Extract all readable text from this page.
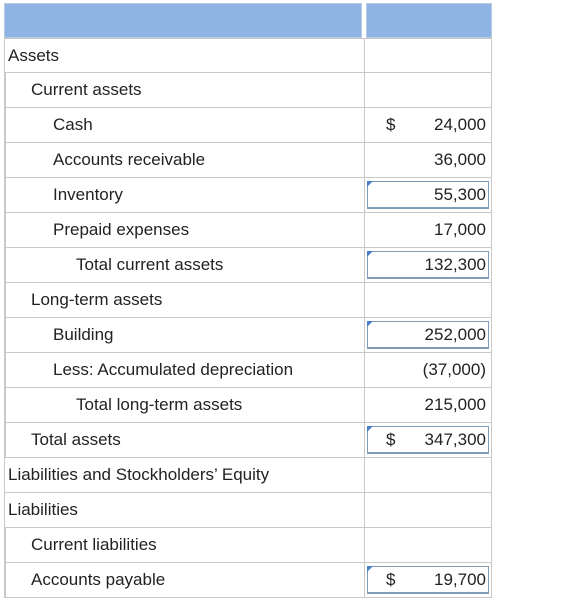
Assets
Current assets
Cash	$ 24,000
Accounts receivable	36,000
Inventory	55,300
Prepaid expenses	17,000
Total current assets	132,300
Long-term assets
Building	252,000
Less: Accumulated depreciation	(37,000)
Total long-term assets	215,000
Total assets	$ 347,300
Liabilities and Stockholders’ Equity
Liabilities
Current liabilities
Accounts payable	$ 19,700
